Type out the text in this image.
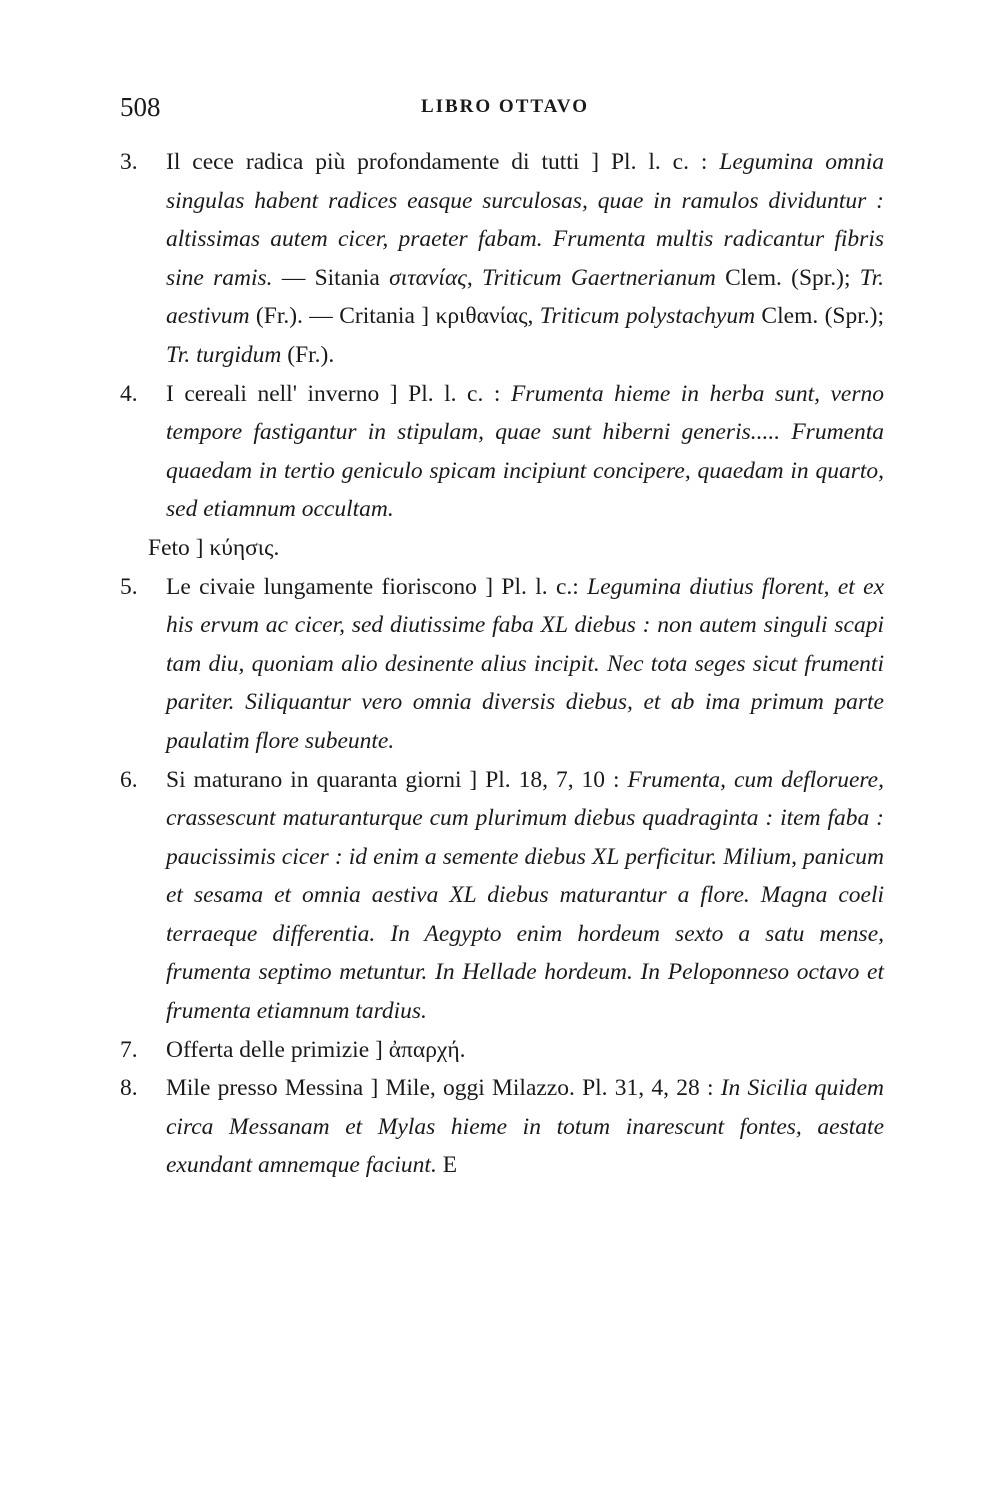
508	LIBRO OTTAVO
3. Il cece radica più profondamente di tutti ] Pl. l. c. : Legumina omnia singulas habent radices easque surculosas, quae in ramulos dividuntur : altissimas autem cicer, praeter fabam. Frumenta multis radicantur fibris sine ramis. — Sitania σιτανίας, Triticum Gaertnerianum Clem. (Spr.); Tr. aestivum (Fr.). — Critania ] κριθανίας, Triticum polystachyum Clem. (Spr.); Tr. turgidum (Fr.).
4. I cereali nell' inverno ] Pl. l. c. : Frumenta hieme in herba sunt, verno tempore fastigantur in stipulam, quae sunt hiberni generis..... Frumenta quaedam in tertio geniculo spicam incipiunt concipere, quaedam in quarto, sed etiamnum occultam.
Feto ] κύησις.
5. Le civaie lungamente fioriscono ] Pl. l. c.: Legumina diutius florent, et ex his ervum ac cicer, sed diutissime faba XL diebus : non autem singuli scapi tam diu, quoniam alio desinente alius incipit. Nec tota seges sicut frumenti pariter. Siliquantur vero omnia diversis diebus, et ab ima primum parte paulatim flore subeunte.
6. Si maturano in quaranta giorni ] Pl. 18, 7, 10 : Frumenta, cum defloruere, crassescunt maturanturque cum plurimum diebus quadraginta : item faba : paucissimis cicer : id enim a semente diebus XL perficitur. Milium, panicum et sesama et omnia aestiva XL diebus maturantur a flore. Magna coeli terraeque differentia. In Aegypto enim hordeum sexto a satu mense, frumenta septimo metuntur. In Hellade hordeum. In Peloponneso octavo et frumenta etiamnum tardius.
7. Offerta delle primizie ] ἀπαρχή.
8. Mile presso Messina ] Mile, oggi Milazzo. Pl. 31, 4, 28 : In Sicilia quidem circa Messanam et Mylas hieme in totum inarescunt fontes, aestate exundant amnemque faciunt. E
